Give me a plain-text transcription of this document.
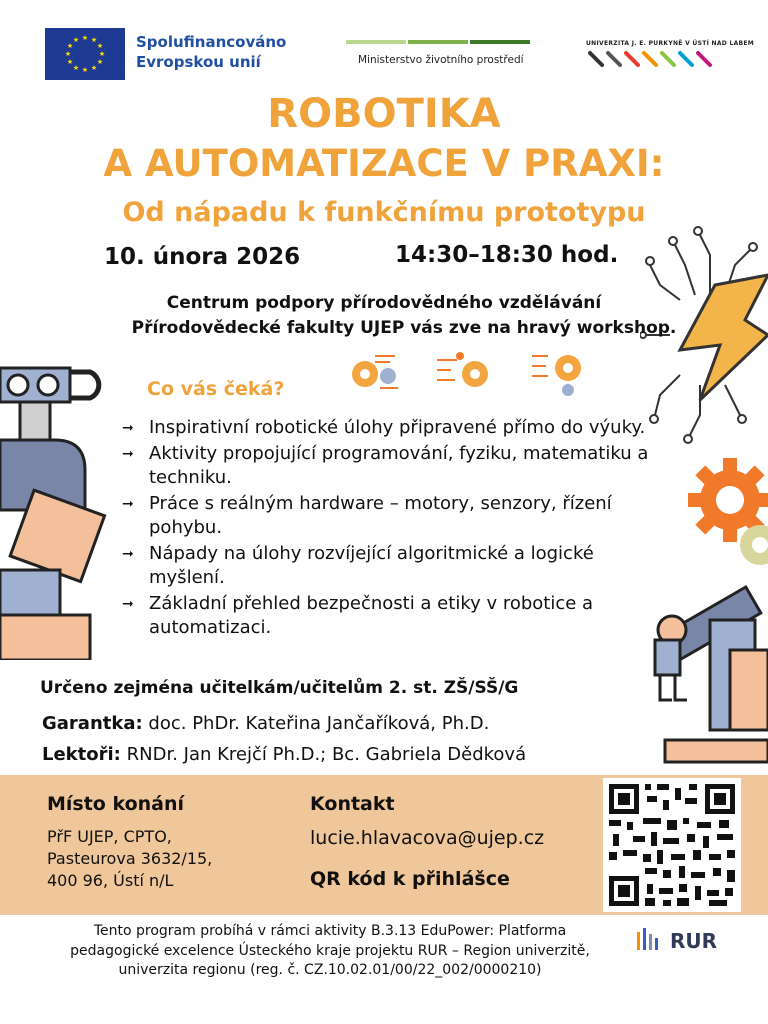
★ ★
★
★
★
★
★
★
★
★
★
★	Spolufinancováno
Evropskou unií	Ministerstvo životního prostředí
UNIVERZITA J. E. PURKYNĚ V ÚSTÍ NAD LABEM
ROBOTIKA
A AUTOMATIZACE V PRAXI:
Od nápadu k funkčnímu prototypu
10. února 2026	14:30–18:30 hod.
Centrum podpory přírodovědného vzdělávání
Přírodovědecké fakulty UJEP vás zve na hravý workshop.
Co vás čeká?
➞ Inspirativní robotické úlohy připravené přímo do výuky.
➞ Aktivity propojující programování, fyziku, matematiku a techniku.
➞ Práce s reálným hardware – motory, senzory, řízení pohybu.
➞ Nápady na úlohy rozvíjející algoritmické a logické myšlení.
➞ Základní přehled bezpečnosti a etiky v robotice a automatizaci.
Určeno zejména učitelkám/učitelům 2. st. ZŠ/SŠ/G
Garantka: doc. PhDr. Kateřina Jančaříková, Ph.D.
Lektoři: RNDr. Jan Krejčí Ph.D.; Bc. Gabriela Dědková
Místo konání
PřF UJEP, CPTO,
Pasteurova 3632/15,
400 96, Ústí n/L
Kontakt
lucie.hlavacova@ujep.cz
QR kód k přihlášce
Tento program probíhá v rámci aktivity B.3.13 EduPower: Platforma pedagogické excelence Ústeckého kraje projektu RUR – Region univerzitě, univerzita regionu (reg. č. CZ.10.02.01/00/22_002/0000210)
RUR
